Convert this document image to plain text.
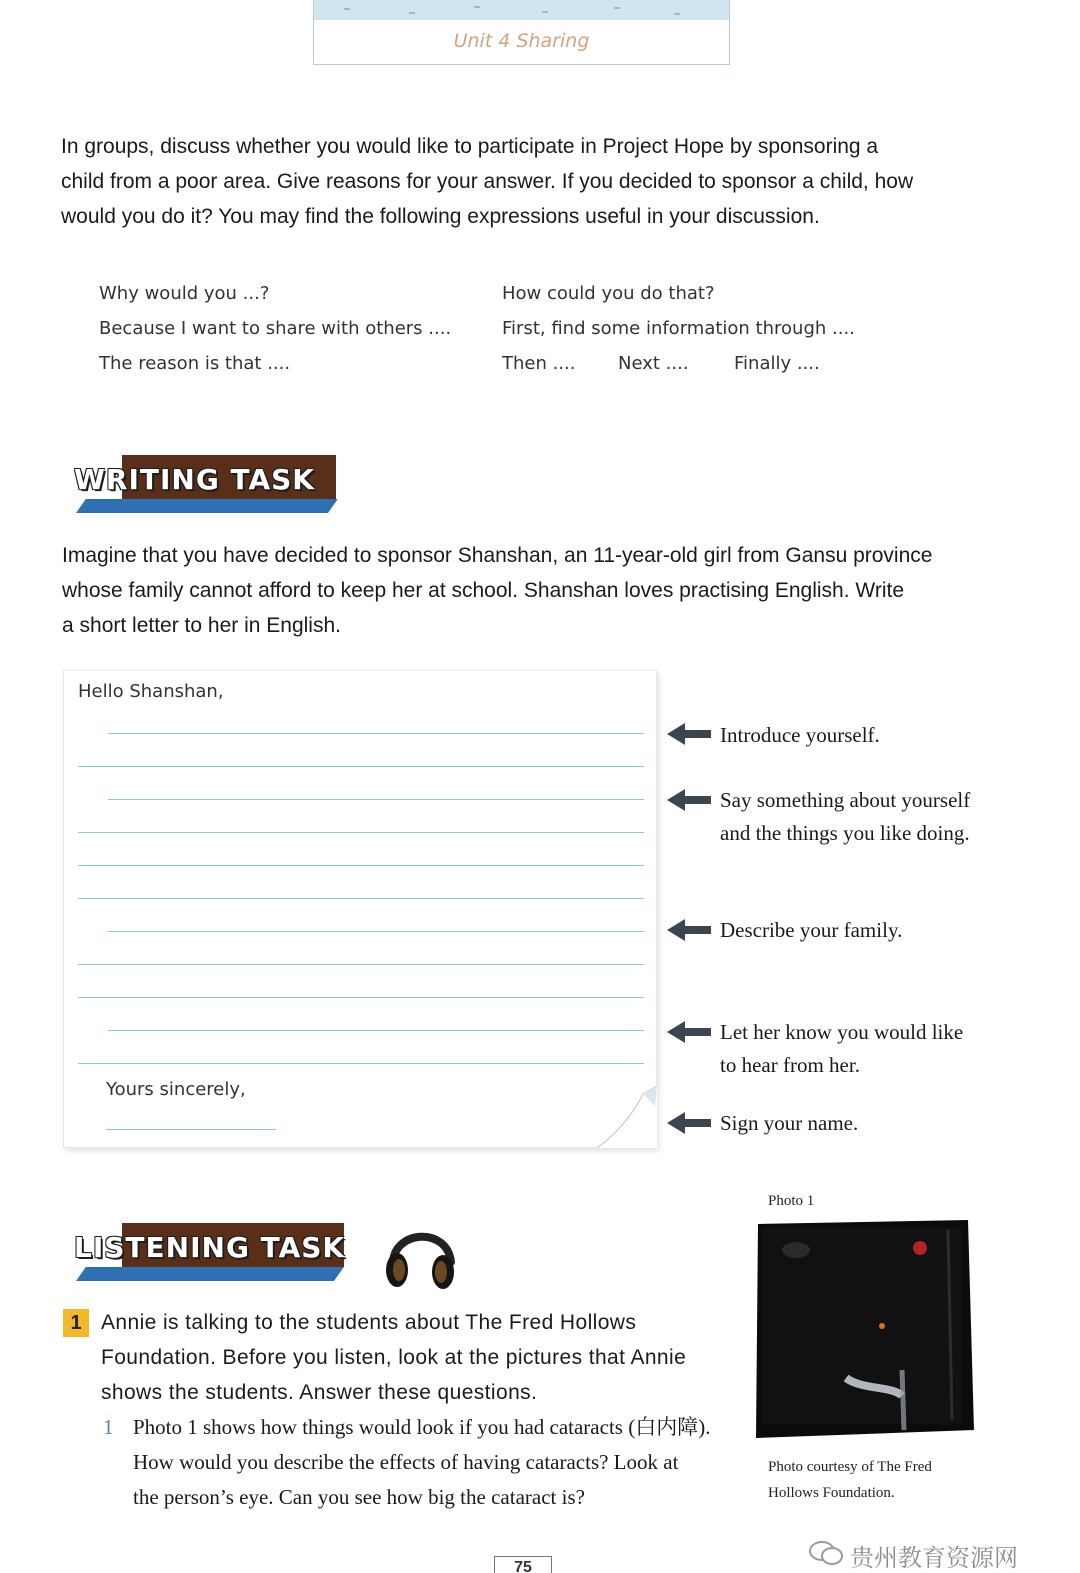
Unit 4 Sharing
In groups, discuss whether you would like to participate in Project Hope by sponsoring a
child from a poor area. Give reasons for your answer. If you decided to sponsor a child, how
would you do it? You may find the following expressions useful in your discussion.
Why would you ...?
Because I want to share with others ....
The reason is that ....
How could you do that?
First, find some information through ....
Then .... Next ....	Finally ....
WRITING TASK
Imagine that you have decided to sponsor Shanshan, an 11-year-old girl from Gansu province
whose family cannot afford to keep her at school. Shanshan loves practising English. Write
a short letter to her in English.
Hello Shanshan,
Yours sincerely,
Introduce yourself.
Say something about yourself
and the things you like doing.
Describe your family.
Let her know you would like
to hear from her.
Sign your name.
LISTENING TASK
1 Annie is talking to the students about The Fred Hollows
Foundation. Before you listen, look at the pictures that Annie
shows the students. Answer these questions.
1 Photo 1 shows how things would look if you had cataracts (白内障).
How would you describe the effects of having cataracts? Look at
the person’s eye. Can you see how big the cataract is?
Photo 1
Photo courtesy of The Fred
Hollows Foundation.
75	贵州教育资源网
